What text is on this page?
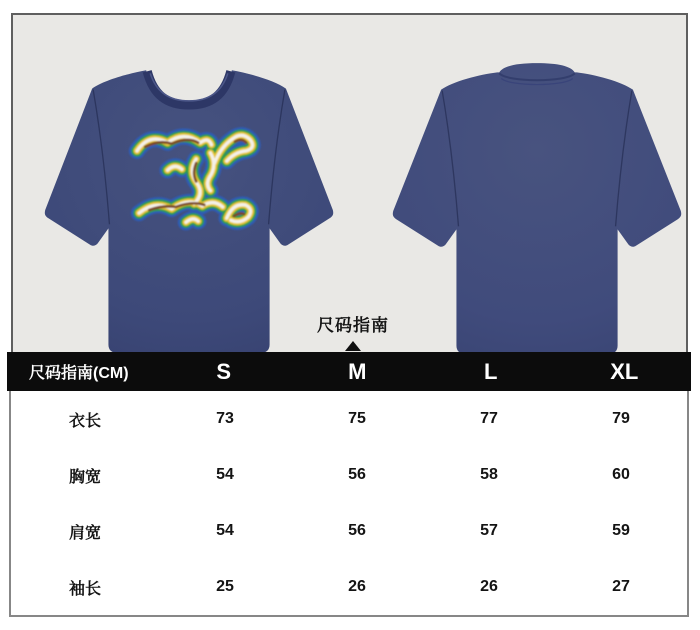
尺码指南
尺码指南(CM)	S	M	L	XL
衣长	73	75	77	79
胸宽	54	56	58	60
肩宽	54	56	57	59
袖长	25	26	26	27
